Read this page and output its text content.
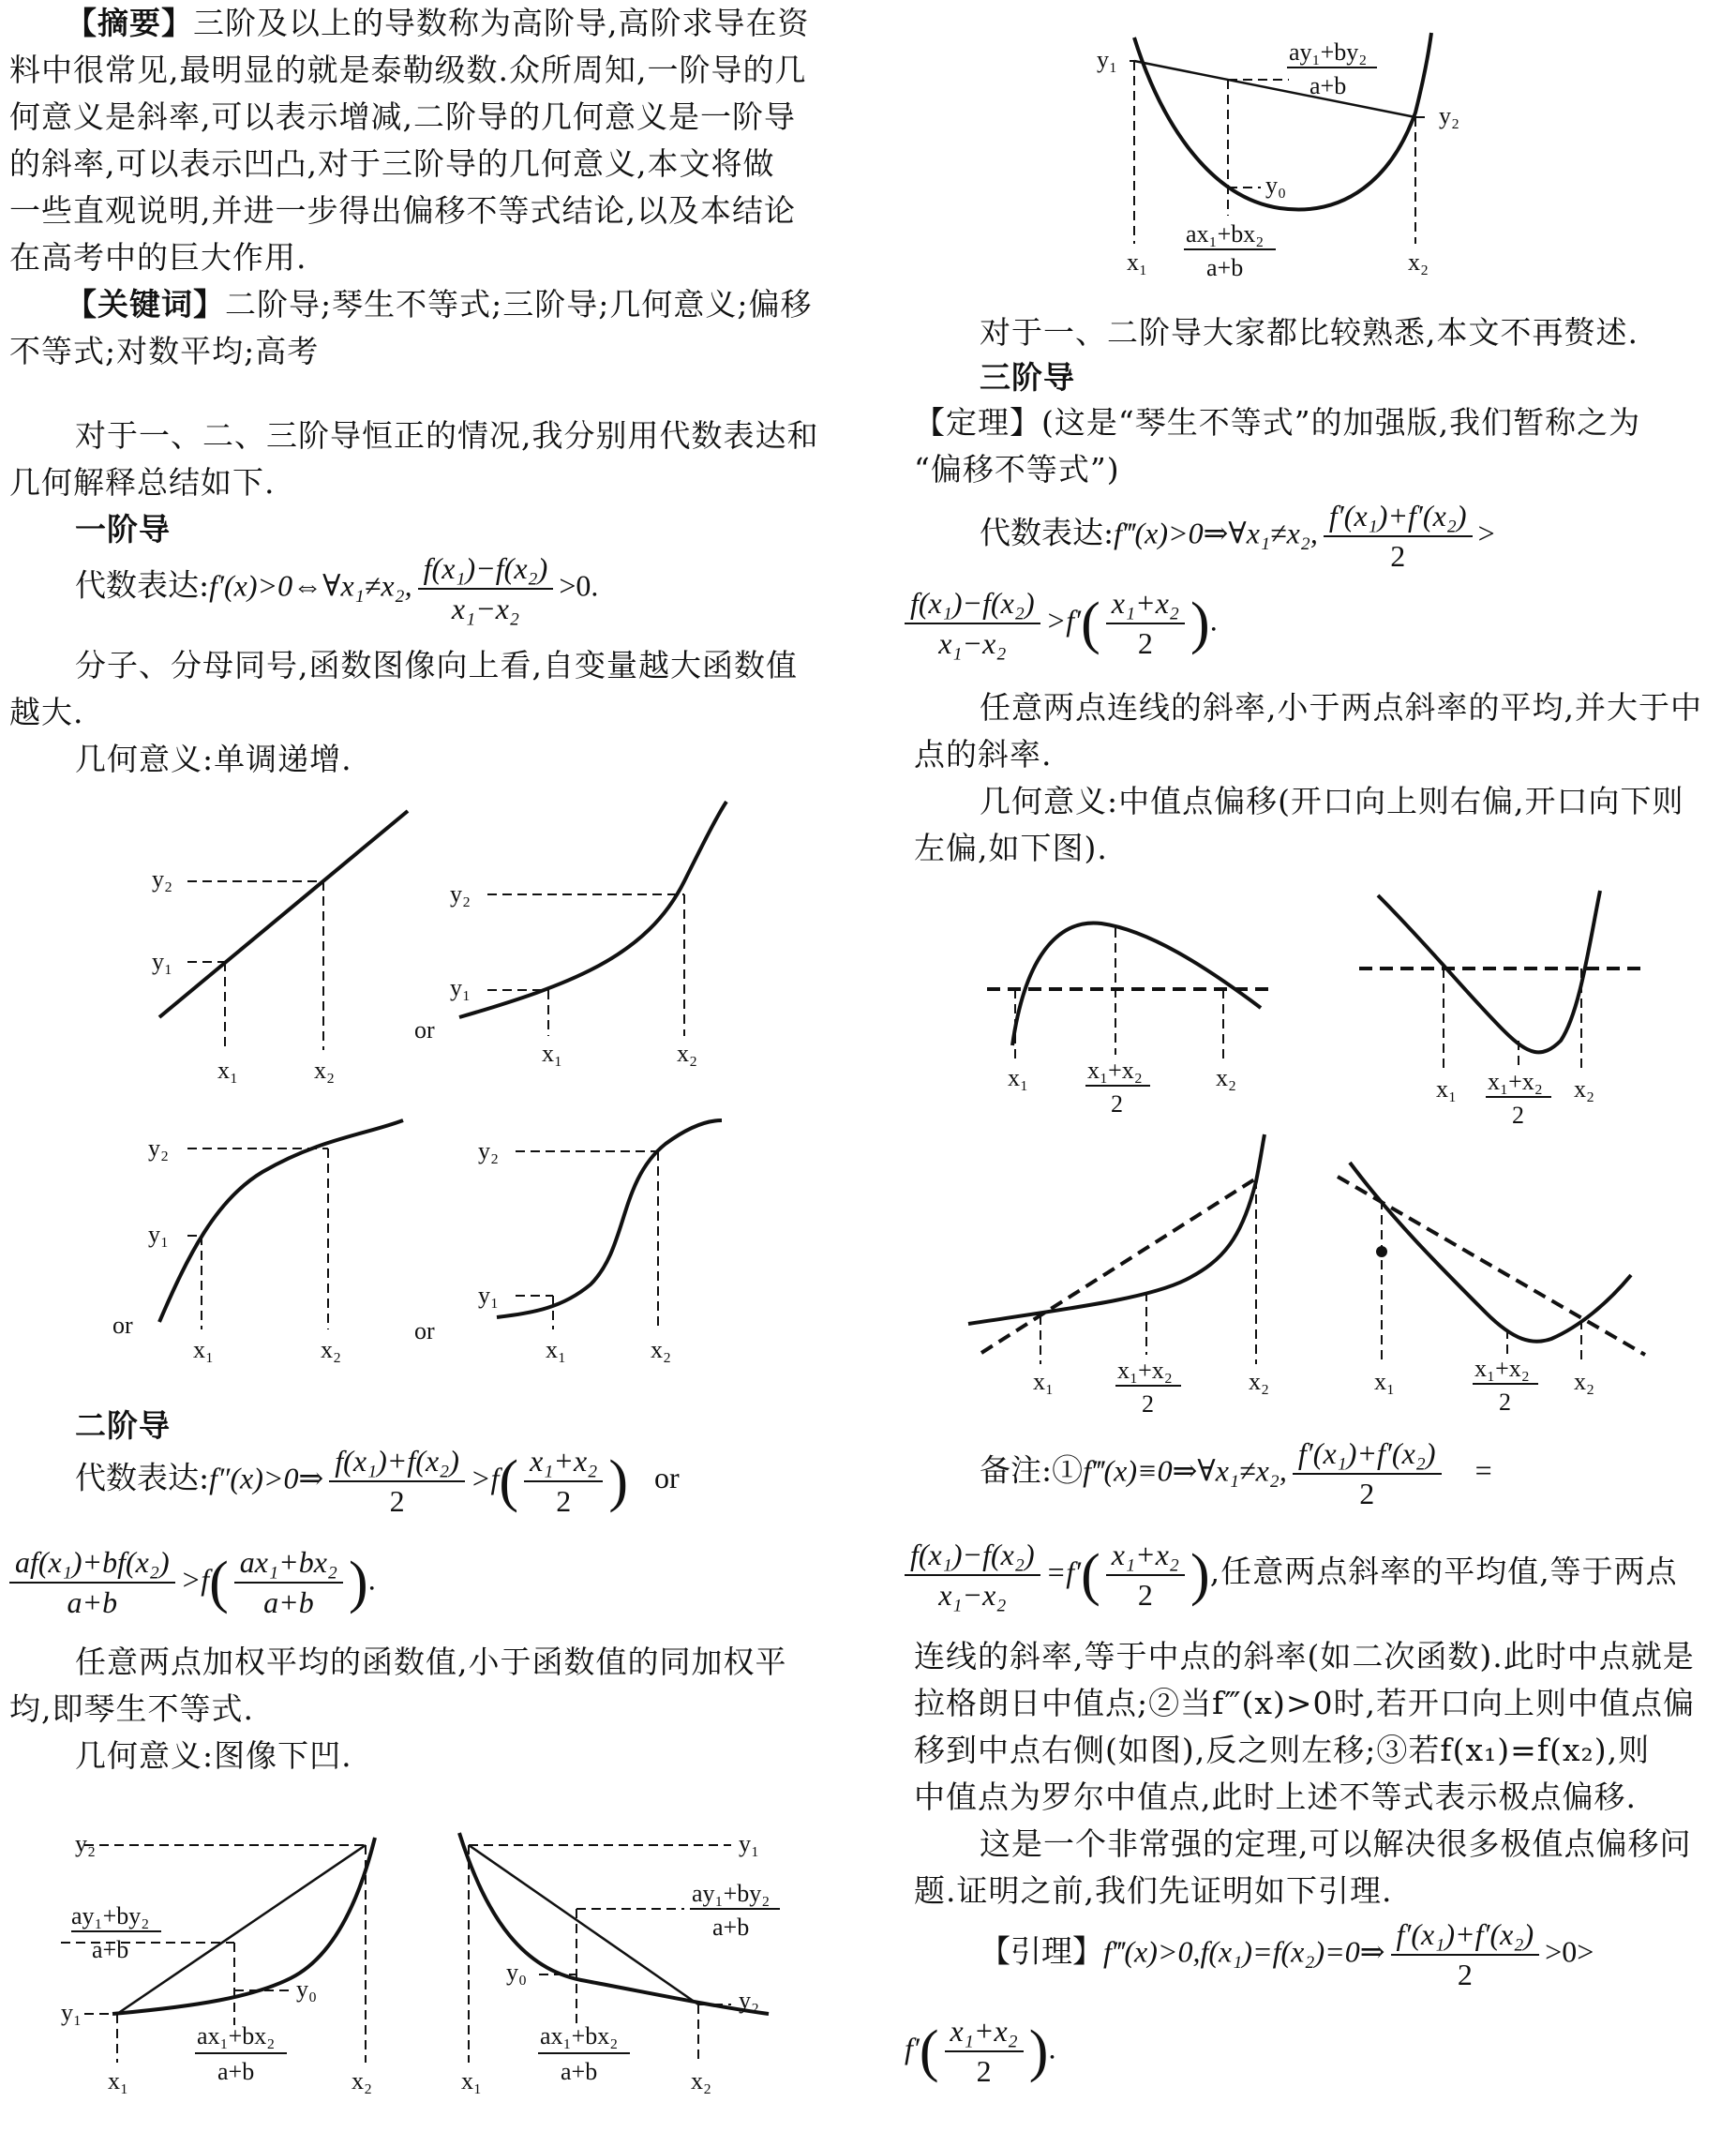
【摘要】三阶及以上的导数称为高阶导,高阶求导在资
料中很常见,最明显的就是泰勒级数.众所周知,一阶导的几
何意义是斜率,可以表示增减,二阶导的几何意义是一阶导
的斜率,可以表示凹凸,对于三阶导的几何意义,本文将做
一些直观说明,并进一步得出偏移不等式结论,以及本结论
在高考中的巨大作用.
【关键词】二阶导;琴生不等式;三阶导;几何意义;偏移
不等式;对数平均;高考
对于一、二、三阶导恒正的情况,我分别用代数表达和
几何解释总结如下.
一阶导
代数表达:f′(x)>0⇔∀x₁≠x₂, $\frac{\text{f(x₁)−f(x₂)}}{\text{x₁−x₂}} >0$.
分子、分母同号,函数图像向上看,自变量越大函数值
越大.
几何意义:单调递增.
y₁
y₂
x₁	x₂
y₁
y₂
x₁	x₂
or
y₁
y₂
x₁	x₂
or
y₁
y₂
x₁	x₂
or
二阶导
代数表达:f″(x)>0⇒ $\frac{\text{f(x₁)+f(x₂)}}{2} >f( \frac{\text{x₁+x₂}}{2}$ ) or
$\frac{\text{af(x₁)+bf(x₂)}}{a+b} >f( \frac{\text{ax₁+bx₂}}{a+b}$ ).
任意两点加权平均的函数值,小于函数值的同加权平
均,即琴生不等式.
几何意义:图像下凹.
y₂
y₁
y₀
x₁	x₂
ay₁+by₂
a+b
ax₁+bx₂
a+b
y₁
y₂
y₀
x₁	x₂
ay₁+by₂
a+b
ax₁+bx₂
a+b
y₁
y₂
y₀
x₁	x₂
ay₁+by₂
a+b
ax₁+bx₂
a+b
对于一、二阶导大家都比较熟悉,本文不再赘述.
三阶导
【定理】(这是“琴生不等式”的加强版,我们暂称之为
“偏移不等式”)
代数表达:f‴(x)>0⇒∀x₁≠x₂, $\frac{\text{f′(x₁)+f′(x₂)}}{2}$ >
$\frac{\text{f(x₁)−f(x₂)}}{\text{x₁−x₂}} >f'( \frac{\text{x₁+x₂}}{2}$ ).
任意两点连线的斜率,小于两点斜率的平均,并大于中
点的斜率.
几何意义:中值点偏移(开口向上则右偏,开口向下则
左偏,如下图).
x₁	x₂
x₁+x₂
2
x₁	x₂
x₁+x₂
2
x₁	x₂
x₁+x₂
2
x₁	x₂
x₁+x₂
2
备注:①f‴(x)≡0⇒∀x₁≠x₂, $\frac{\text{f′(x₁)+f′(x₂)}}{2}$ =
$\frac{\text{f(x₁)−f(x₂)}}{\text{x₁−x₂}} =f'( \frac{\text{x₁+x₂}}{2}$ ),任意两点斜率的平均值,等于两点
连线的斜率,等于中点的斜率(如二次函数).此时中点就是
拉格朗日中值点;②当f‴(x)>0时,若开口向上则中值点偏
移到中点右侧(如图),反之则左移;③若f(x₁)=f(x₂),则
中值点为罗尔中值点,此时上述不等式表示极点偏移.
这是一个非常强的定理,可以解决很多极值点偏移问
题.证明之前,我们先证明如下引理.
【引理】f‴(x)>0,f(x₁)=f(x₂)=0⇒ $\frac{\text{f′(x₁)+f′(x₂)}}{2} >0>$
$f'( \frac{\text{x₁+x₂}}{2}$ ).
